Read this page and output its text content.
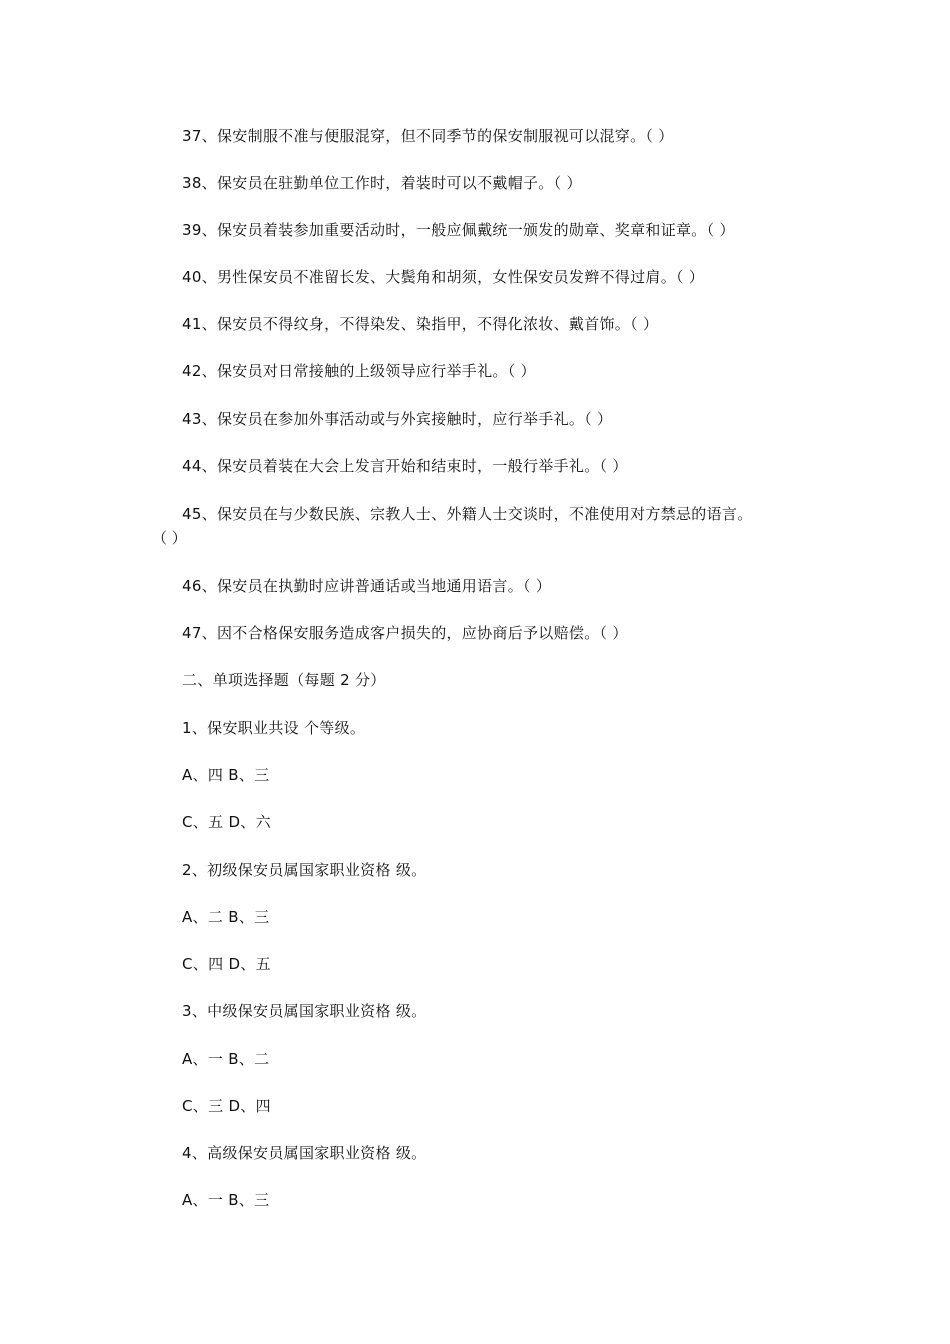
37、保安制服不准与便服混穿，但不同季节的保安制服视可以混穿。（ ）
38、保安员在驻勤单位工作时，着装时可以不戴帽子。（ ）
39、保安员着装参加重要活动时，一般应佩戴统一颁发的勋章、奖章和证章。（ ）
40、男性保安员不准留长发、大鬓角和胡须，女性保安员发辫不得过肩。（ ）
41、保安员不得纹身，不得染发、染指甲，不得化浓妆、戴首饰。（ ）
42、保安员对日常接触的上级领导应行举手礼。（ ）
43、保安员在参加外事活动或与外宾接触时，应行举手礼。（ ）
44、保安员着装在大会上发言开始和结束时，一般行举手礼。（ ）
45、保安员在与少数民族、宗教人士、外籍人士交谈时，不准使用对方禁忌的语言。
（ ）
46、保安员在执勤时应讲普通话或当地通用语言。（ ）
47、因不合格保安服务造成客户损失的，应协商后予以赔偿。（ ）
二、单项选择题（每题 2 分）
1、保安职业共设 个等级。
A、四 B、三
C、五 D、六
2、初级保安员属国家职业资格 级。
A、二 B、三
C、四 D、五
3、中级保安员属国家职业资格 级。
A、一 B、二
C、三 D、四
4、高级保安员属国家职业资格 级。
A、一 B、三
